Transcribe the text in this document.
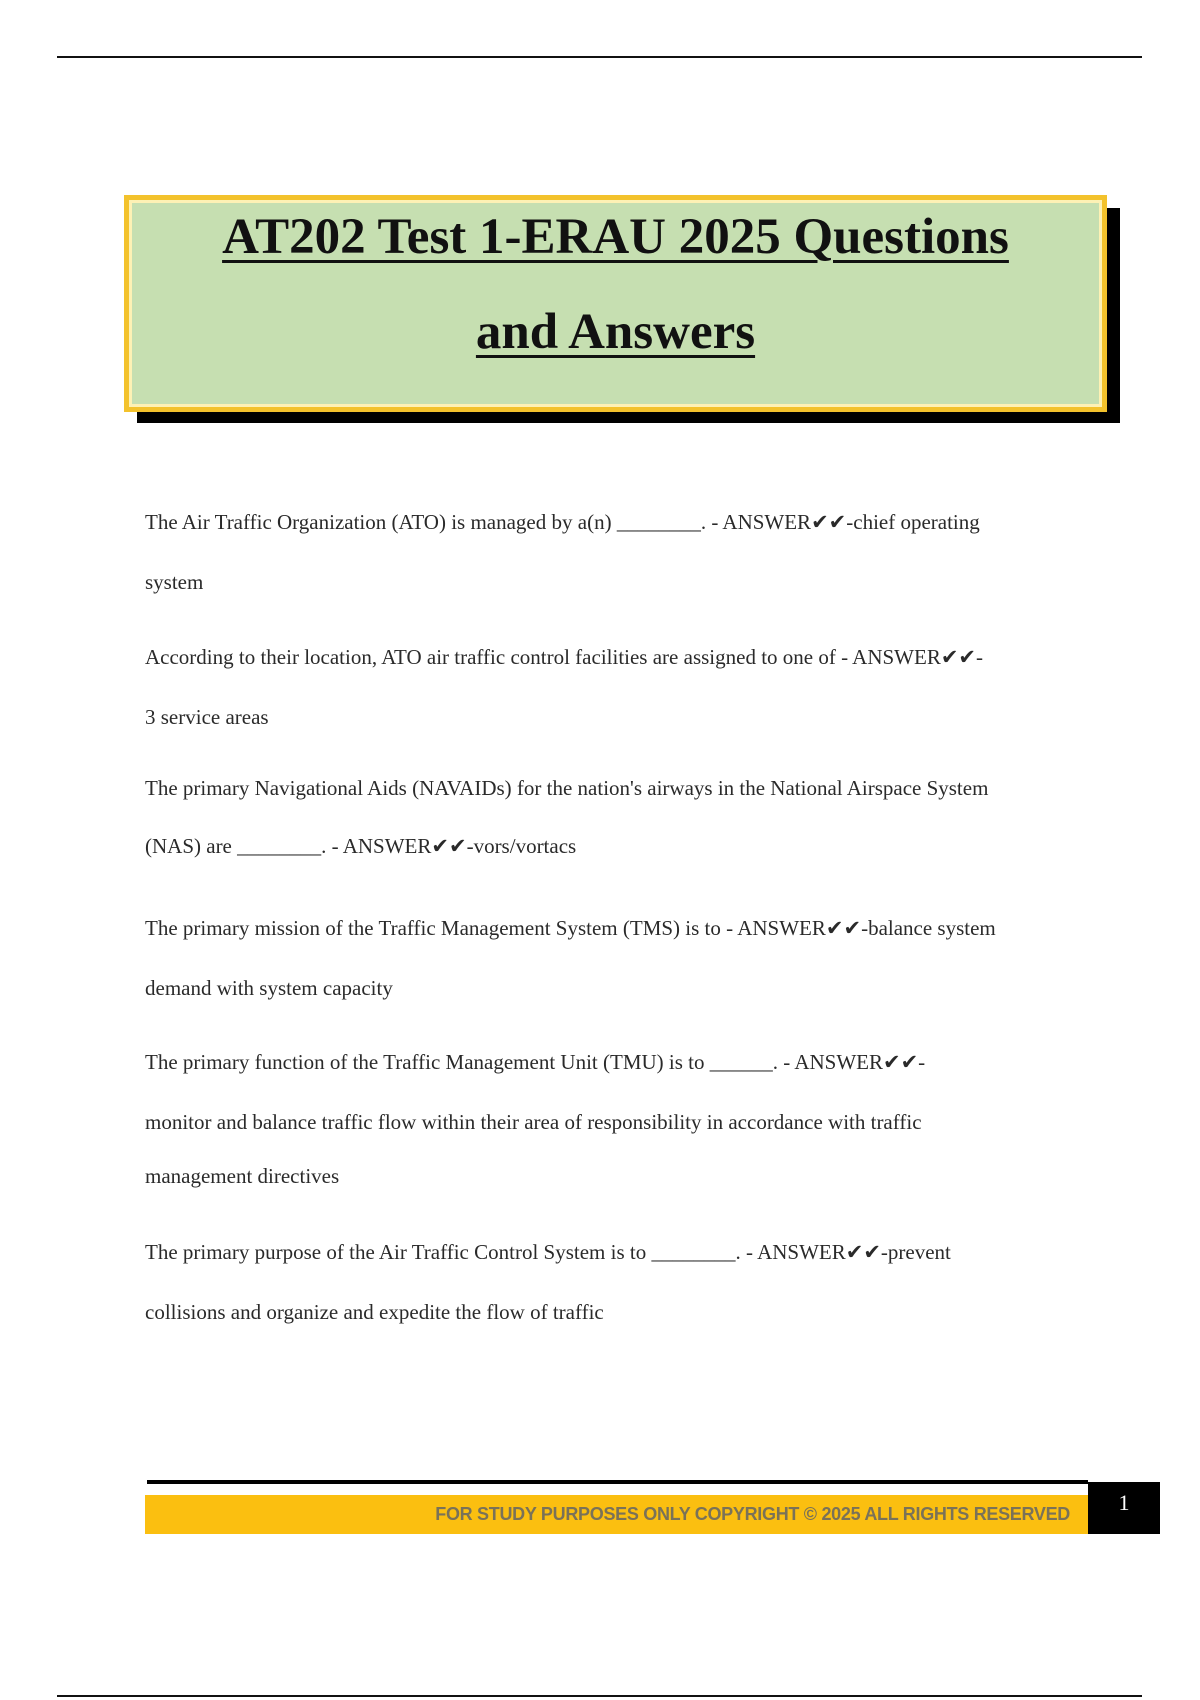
AT202 Test 1-ERAU 2025 Questions
and Answers
The Air Traffic Organization (ATO) is managed by a(n) ________. - ANSWER✔✔-chief operating
system
According to their location, ATO air traffic control facilities are assigned to one of - ANSWER✔✔-
3 service areas
The primary Navigational Aids (NAVAIDs) for the nation's airways in the National Airspace System
(NAS) are ________. - ANSWER✔✔-vors/vortacs
The primary mission of the Traffic Management System (TMS) is to - ANSWER✔✔-balance system
demand with system capacity
The primary function of the Traffic Management Unit (TMU) is to ______. - ANSWER✔✔-
monitor and balance traffic flow within their area of responsibility in accordance with traffic
management directives
The primary purpose of the Air Traffic Control System is to ________. - ANSWER✔✔-prevent
collisions and organize and expedite the flow of traffic
FOR STUDY PURPOSES ONLY COPYRIGHT © 2025 ALL RIGHTS RESERVED	1
